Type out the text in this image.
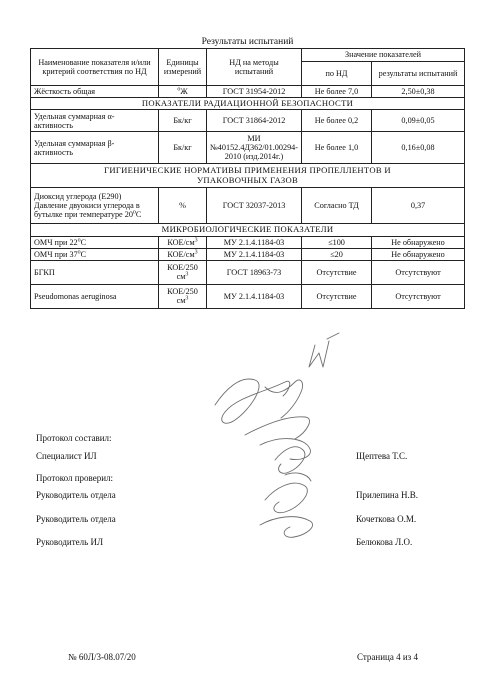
Результаты испытаний
Наименование показателя и/или критерий соответствия по НД	Единицы измерений	НД на методы испытаний	Значение показателей	
			по НД	результаты испытаний
Жёсткость общая	$^о$Ж	ГОСТ 31954-2012	Не более 7,0	2,50±0,38
ПОКАЗАТЕЛИ РАДИАЦИОННОЙ БЕЗОПАСНОСТИ				
Удельная суммарная α- активность	Бк/кг	ГОСТ 31864-2012	Не более 0,2	0,09±0,05
Удельная суммарная β- активность	Бк/кг	МИ №40152.4Д362/01.00294-2010 (изд.2014г.)	Не более 1,0	0,16±0,08
ГИГИЕНИЧЕСКИЕ НОРМАТИВЫ ПРИМЕНЕНИЯ ПРОПЕЛЛЕНТОВ И УПАКОВОЧНЫХ ГАЗОВ				

Диоксид углерода (Е290)
Давление двуокиси углерода в бутылке при температуре $20^оС$	%	ГОСТ 32037-2013	Согласно ТД	0,37
МИКРОБИОЛОГИЧЕСКИЕ ПОКАЗАТЕЛИ				
ОМЧ при $22^оС$	КОЕ/$см^3$	МУ 2.1.4.1184-03	≤100	Не обнаружено
ОМЧ при $37^оС$	КОЕ/$см^3$	МУ 2.1.4.1184-03	≤20	Не обнаружено
БГКП	КОЕ/250 $см^3$	ГОСТ 18963-73	Отсутствие	Отсутствуют
Pseudomonas aeruginosa	КОЕ/250 $см^3$	МУ 2.1.4.1184-03	Отсутствие	Отсутствуют
Протокол составил:
Специалист ИЛ	Щептева Т.С.
Протокол проверил:
Руководитель отдела	Прилепина Н.В.
Руководитель отдела	Кочеткова О.М.
Руководитель ИЛ	Белюкова Л.О.
№ 60Л/3-08.07/20	Страница 4 из 4
